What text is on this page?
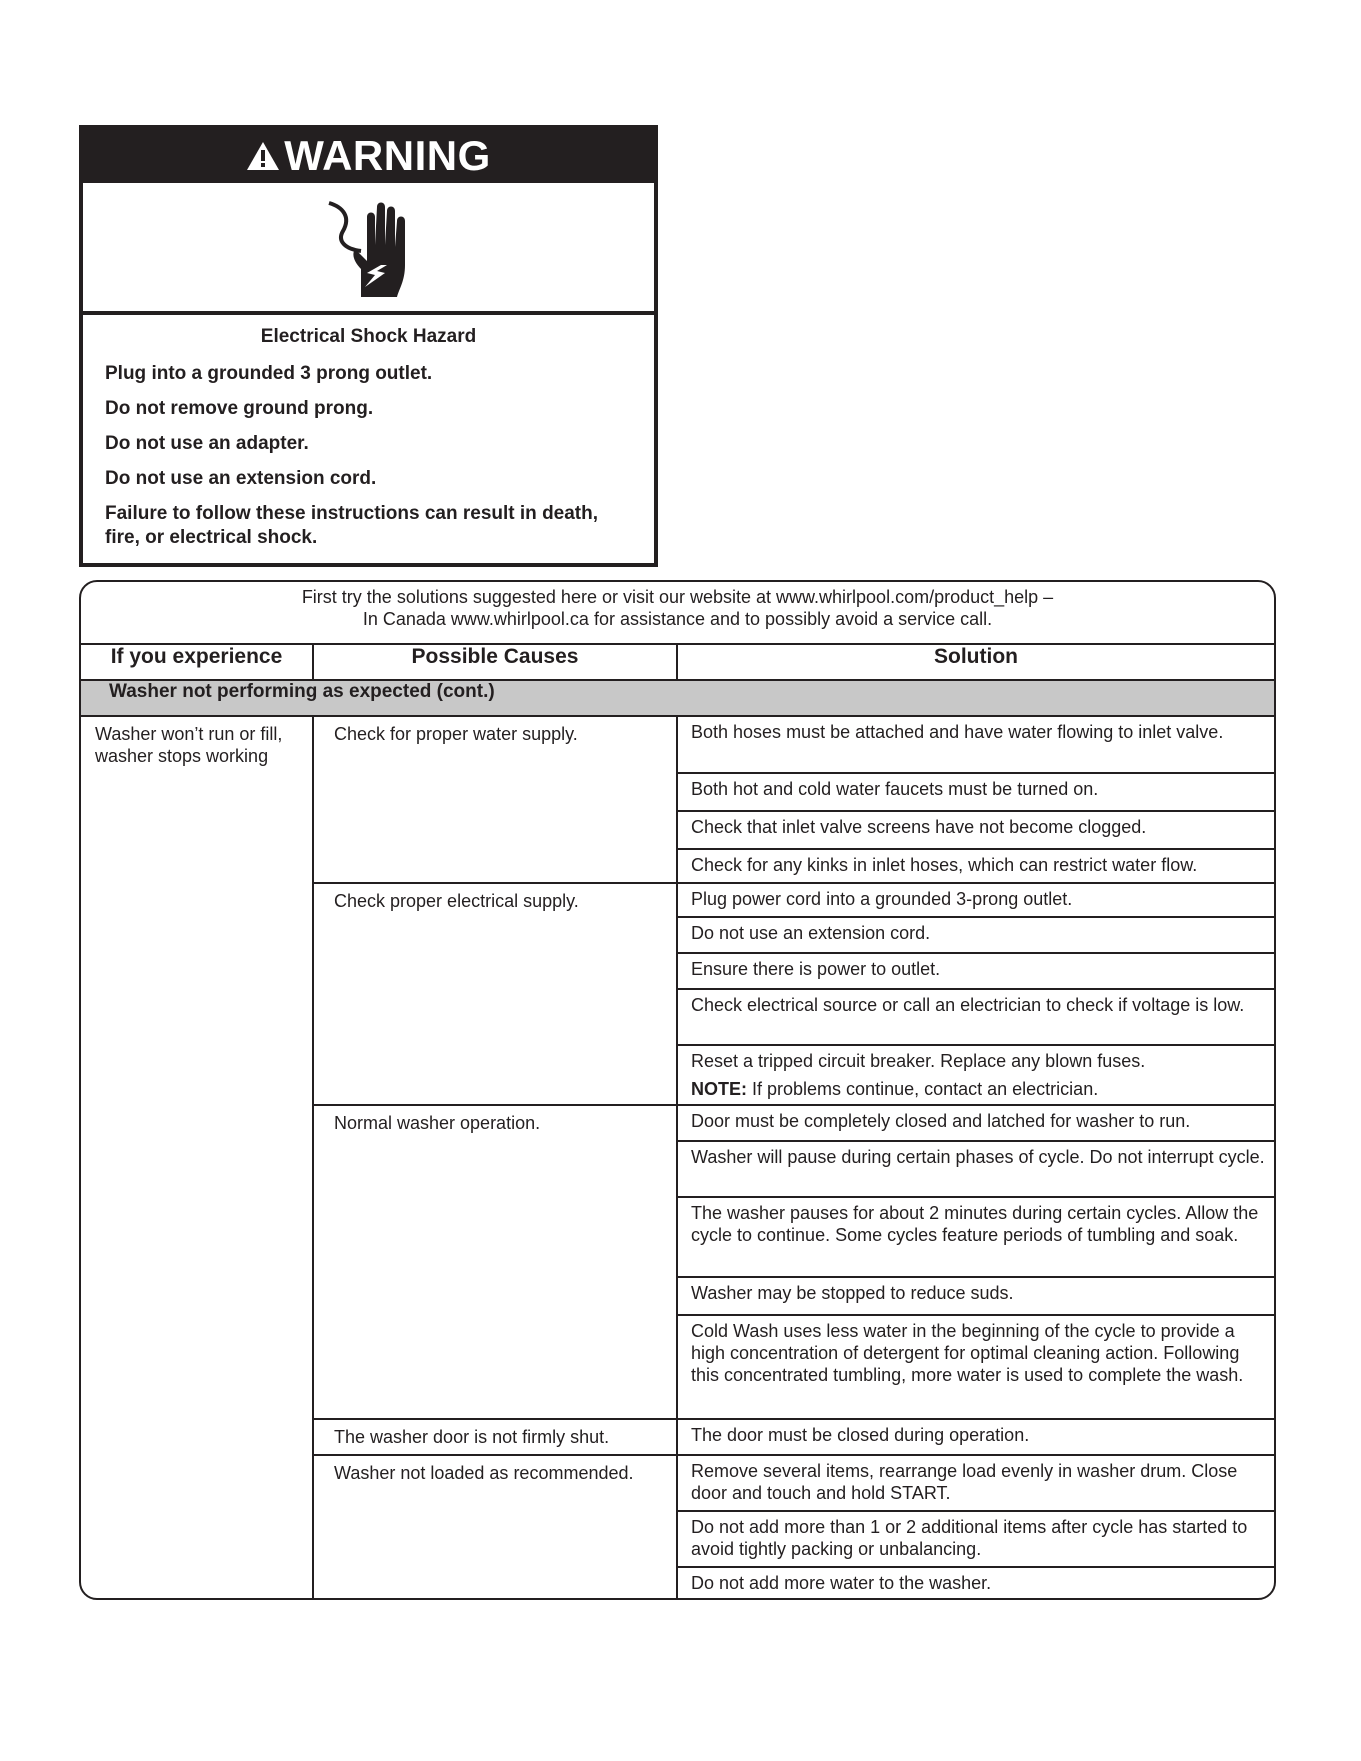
WARNING
Electrical Shock Hazard
Plug into a grounded 3 prong outlet.
Do not remove ground prong.
Do not use an adapter.
Do not use an extension cord.
Failure to follow these instructions can result in death, fire, or electrical shock.
First try the solutions suggested here or visit our website at www.whirlpool.com/product_help –
In Canada www.whirlpool.ca for assistance and to possibly avoid a service call.
If you experience	Possible Causes	Solution
Washer not performing as expected (cont.)		
Washer won’t run or fill, washer stops working	Check for proper water supply.	Both hoses must be attached and have water flowing to inlet valve.
		Both hot and cold water faucets must be turned on.
		Check that inlet valve screens have not become clogged.
		Check for any kinks in inlet hoses, which can restrict water flow.
	Check proper electrical supply.	Plug power cord into a grounded 3-prong outlet.
		Do not use an extension cord.
		Ensure there is power to outlet.
		Check electrical source or call an electrician to check if voltage is low.

		Reset a tripped circuit breaker. Replace any blown fuses.
NOTE: If problems continue, contact an electrician.

	Normal washer operation.	Door must be completely closed and latched for washer to run.
		Washer will pause during certain phases of cycle. Do not interrupt cycle.
		The washer pauses for about 2 minutes during certain cycles. Allow the cycle to continue. Some cycles feature periods of tumbling and soak.
		Washer may be stopped to reduce suds.
		Cold Wash uses less water in the beginning of the cycle to provide a high concentration of detergent for optimal cleaning action. Following this concentrated tumbling, more water is used to complete the wash.
	The washer door is not firmly shut.	The door must be closed during operation.
	Washer not loaded as recommended.	Remove several items, rearrange load evenly in washer drum. Close door and touch and hold START.
		Do not add more than 1 or 2 additional items after cycle has started to avoid tightly packing or unbalancing.
		Do not add more water to the washer.
